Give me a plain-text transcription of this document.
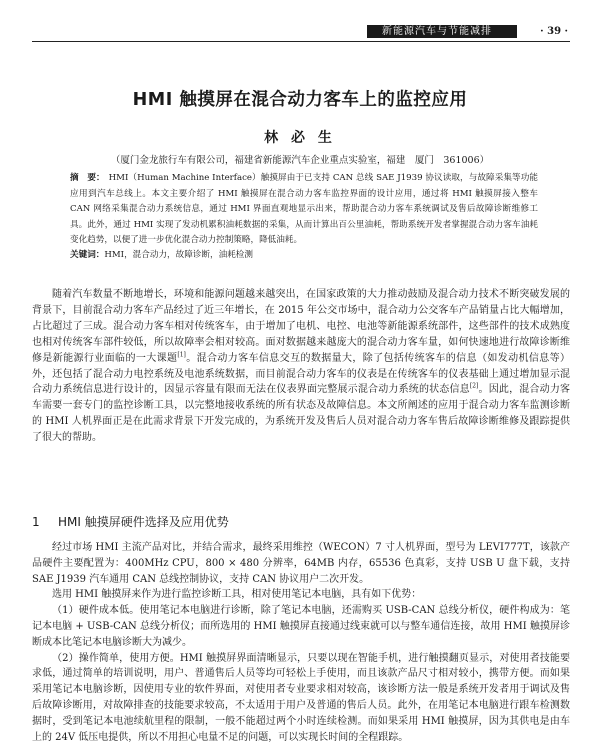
新能源汽车与节能减排	· 39 ·
HMI 触摸屏在混合动力客车上的监控应用
林 必 生
（厦门金龙旅行车有限公司，福建省新能源汽车企业重点实验室，福建　厦门　361006）
摘　要： HMI（Human Machine Interface）触摸屏由于已支持 CAN 总线 SAE J1939 协议读取，与故障采集等功能应用到汽车总线上。本文主要介绍了 HMI 触摸屏在混合动力客车监控界面的设计应用，通过将 HMI 触摸屏接入整车 CAN 网络采集混合动力系统信息，通过 HMI 界面直观地显示出来，帮助混合动力客车系统调试及售后故障诊断维修工具。此外，通过 HMI 实现了发动机累积油耗数据的采集，从而计算出百公里油耗，帮助系统开发者掌握混合动力客车油耗变化趋势，以便了进一步优化混合动力控制策略，降低油耗。
关键词：HMI，混合动力，故障诊断，油耗检测

随着汽车数量不断地增长，环境和能源问题越来越突出，在国家政策的大力推动鼓励及混合动力技术不断突破发展的背景下，目前混合动力客车产品经过了近三年增长，在 2015 年公交市场中，混合动力公交客车产品销量占比大幅增加，占比超过了三成。混合动力客车相对传统客车，由于增加了电机、电控、电池等新能源系统部件，这些部件的技术成熟度也相对传统客车部件较低，所以故障率会相对较高。面对数据越来越庞大的混合动力客车量，如何快速地进行故障诊断维修是新能源行业面临的一大课题[1]。混合动力客车信息交互的数据量大，除了包括传统客车的信息（如发动机信息等）外，还包括了混合动力电控系统及电池系统数据，而目前混合动力客车的仪表是在传统客车的仪表基础上通过增加显示混合动力系统信息进行设计的，因显示容量有限而无法在仪表界面完整展示混合动力系统的状态信息[2]。因此，混合动力客车需要一套专门的监控诊断工具，以完整地接收系统的所有状态及故障信息。本文所阐述的应用于混合动力客车监测诊断的 HMI 人机界面正是在此需求背景下开发完成的，为系统开发及售后人员对混合动力客车售后故障诊断维修及跟踪提供了很大的帮助。

1 HMI 触摸屏硬件选择及应用优势

经过市场 HMI 主流产品对比，并结合需求，最终采用维控（WECON）7 寸人机界面，型号为 LEVI777T，该款产品硬件主要配置为：400MHz CPU，800 × 480 分辨率，64MB 内存，65536 色真彩，支持 USB U 盘下载，支持 SAE J1939 汽车通用 CAN 总线控制协议，支持 CAN 协议用户二次开发。

选用 HMI 触摸屏来作为进行监控诊断工具，相对使用笔记本电脑，具有如下优势：

（1）硬件成本低。使用笔记本电脑进行诊断，除了笔记本电脑，还需购买 USB-CAN 总线分析仪，硬件构成为：笔记本电脑 + USB-CAN 总线分析仪；而所选用的 HMI 触摸屏直接通过线束就可以与整车通信连接，故用 HMI 触摸屏诊断成本比笔记本电脑诊断大为减少。

（2）操作简单，使用方便。HMI 触摸屏界面清晰显示，只要以现在智能手机，进行触摸翻页显示，对使用者技能要求低，通过简单的培训说明，用户、普通售后人员等均可轻松上手使用，而且该款产品尺寸相对较小，携带方便。而如果采用笔记本电脑诊断，因使用专业的软件界面，对使用者专业要求相对较高，该诊断方法一般是系统开发者用于调试及售后故障诊断用，对故障排查的技能要求较高，不太适用于用户及普通的售后人员。此外，在用笔记本电脑进行跟车检测数据时，受到笔记本电池续航里程的限制，一般不能超过两个小时连续检测。而如果采用 HMI 触摸屏，因为其供电是由车上的 24V 低压电提供，所以不用担心电量不足的问题，可以实现长时间的全程跟踪。
